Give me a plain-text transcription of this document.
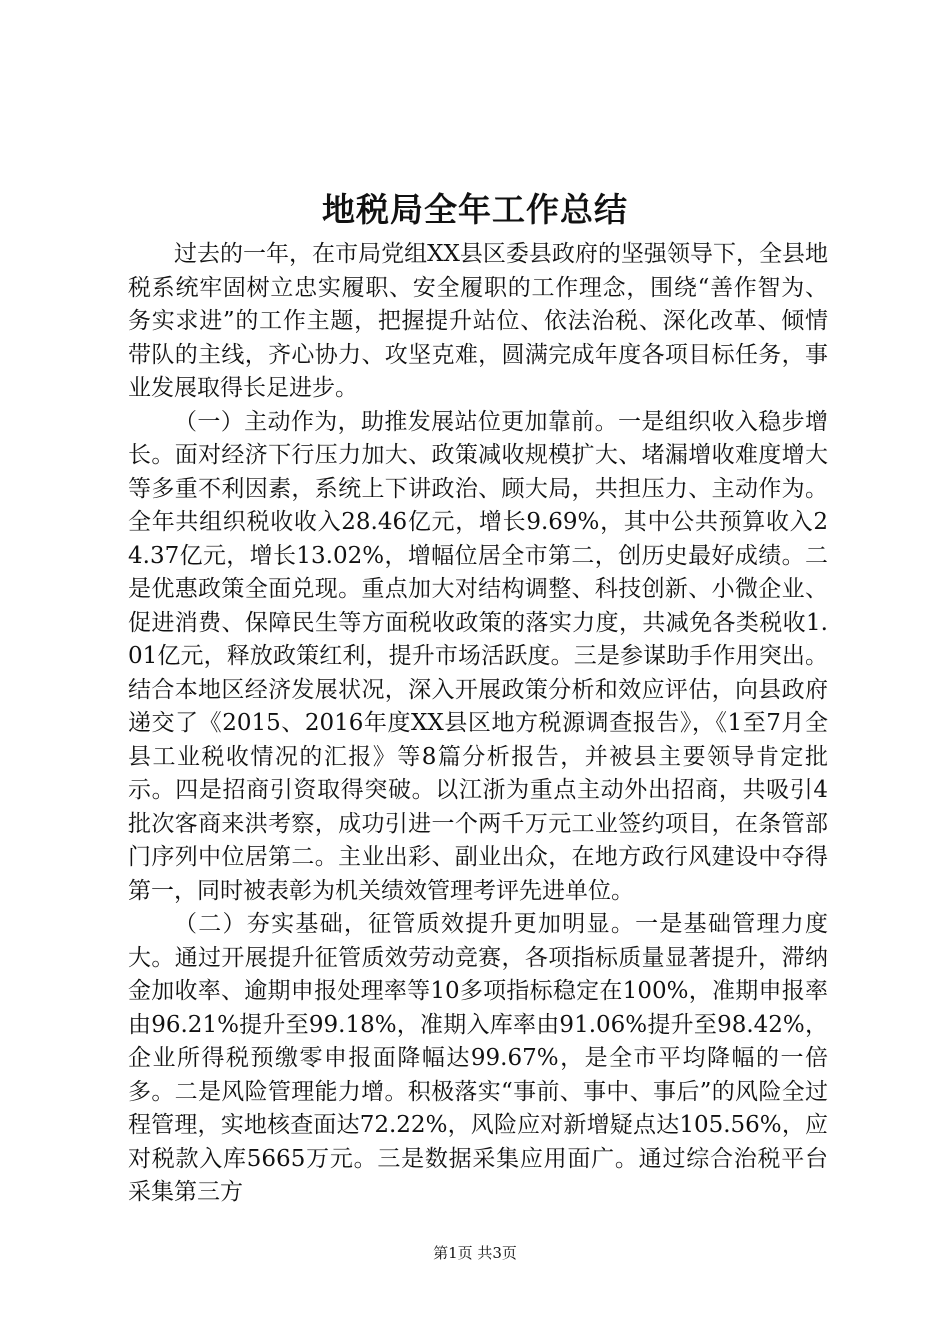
地税局全年工作总结

过去的一年，在市局党组XX县区委县政府的坚强领导下，全县地税系统牢固树立忠实履职、安全履职的工作理念，围绕“善作智为、务实求进”的工作主题，把握提升站位、依法治税、深化改革、倾情带队的主线，齐心协力、攻坚克难，圆满完成年度各项目标任务，事业发展取得长足进步。

（一）主动作为，助推发展站位更加靠前。一是组织收入稳步增长。面对经济下行压力加大、政策减收规模扩大、堵漏增收难度增大等多重不利因素，系统上下讲政治、顾大局，共担压力、主动作为。全年共组织税收收入28.46亿元，增长9.69%，其中公共预算收入24.37亿元，增长13.02%，增幅位居全市第二，创历史最好成绩。二是优惠政策全面兑现。重点加大对结构调整、科技创新、小微企业、促进消费、保障民生等方面税收政策的落实力度，共减免各类税收1.01亿元，释放政策红利，提升市场活跃度。三是参谋助手作用突出。结合本地区经济发展状况，深入开展政策分析和效应评估，向县政府递交了《2015、2016年度XX县区地方税源调查报告》，《1至7月全县工业税收情况的汇报》等8篇分析报告，并被县主要领导肯定批示。四是招商引资取得突破。以江浙为重点主动外出招商，共吸引4批次客商来洪考察，成功引进一个两千万元工业签约项目，在条管部门序列中位居第二。主业出彩、副业出众，在地方政行风建设中夺得第一，同时被表彰为机关绩效管理考评先进单位。

（二）夯实基础，征管质效提升更加明显。一是基础管理力度大。通过开展提升征管质效劳动竞赛，各项指标质量显著提升，滞纳金加收率、逾期申报处理率等10多项指标稳定在100%，准期申报率由96.21%提升至99.18%，准期入库率由91.06%提升至98.42%，企业所得税预缴零申报面降幅达99.67%，是全市平均降幅的一倍多。二是风险管理能力增。积极落实“事前、事中、事后”的风险全过程管理，实地核查面达72.22%，风险应对新增疑点达105.56%，应对税款入库5665万元。三是数据采集应用面广。通过综合治税平台采集第三方

第1页 共3页
